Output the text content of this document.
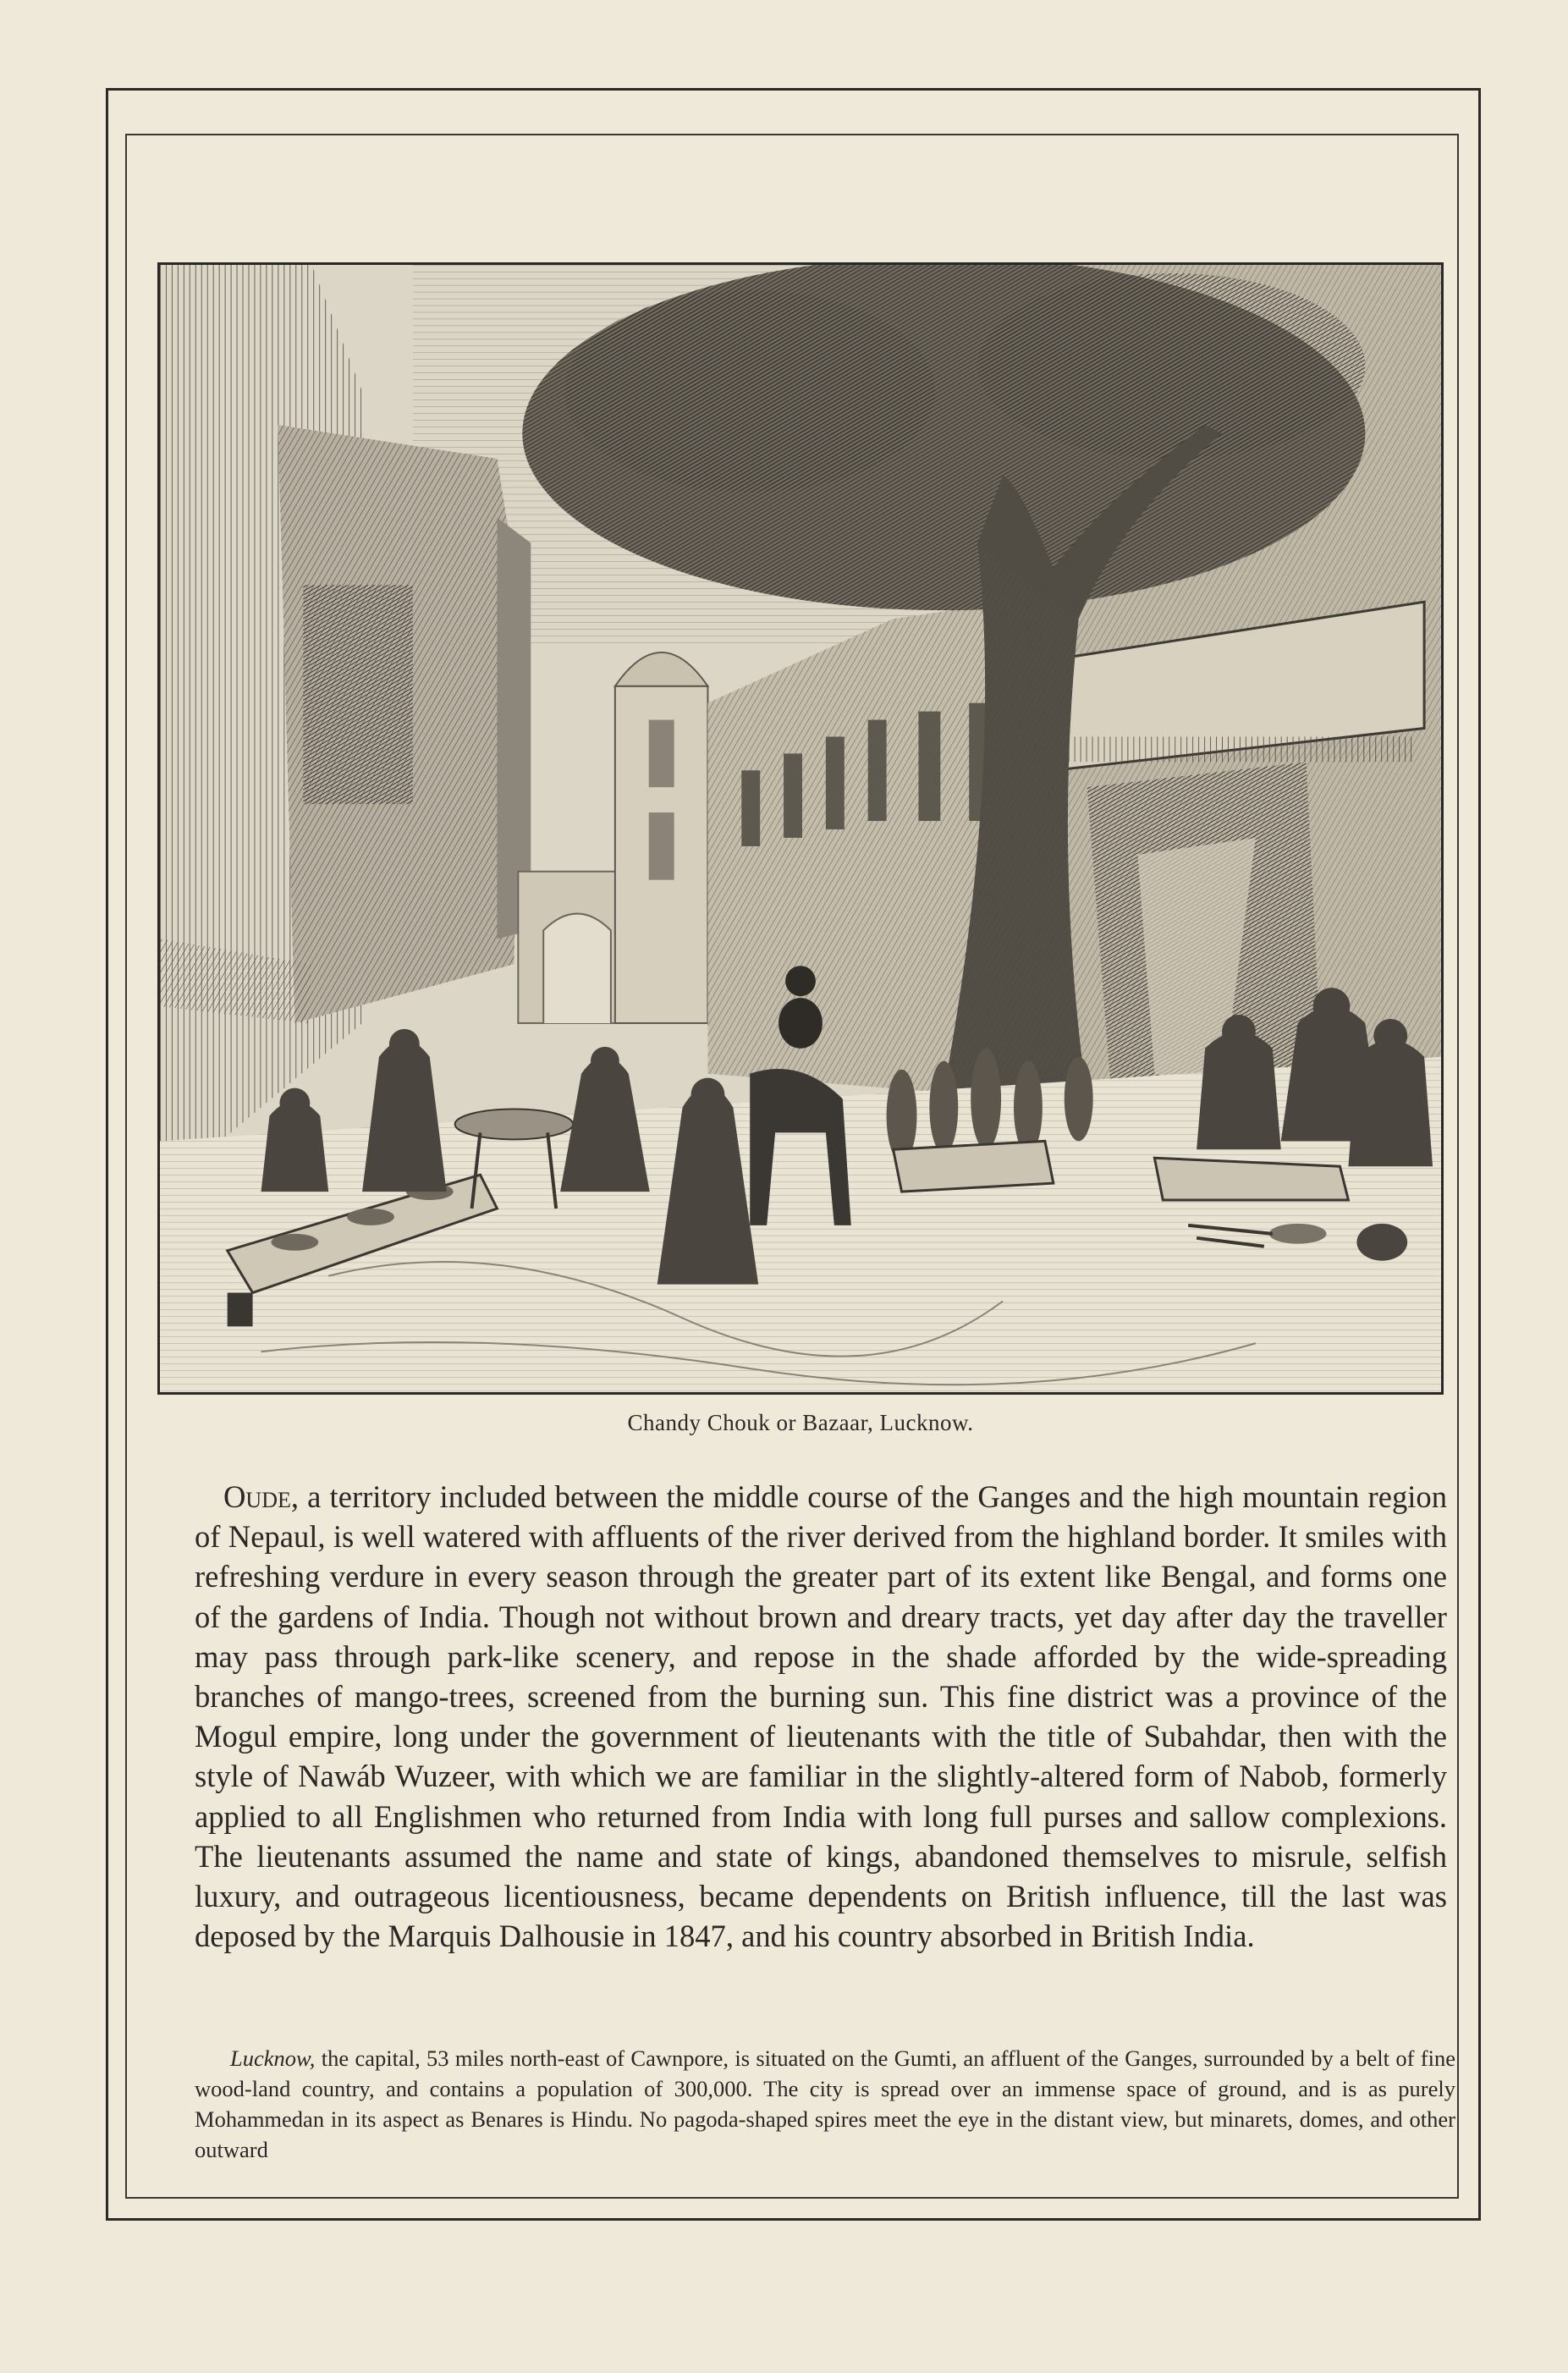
Chandy Chouk or Bazaar, Lucknow.

Oude, a territory included between the middle course of the Ganges and the high mountain region of Nepaul, is well watered with affluents of the river derived from the highland border. It smiles with refreshing verdure in every season through the greater part of its extent like Bengal, and forms one of the gardens of India. Though not without brown and dreary tracts, yet day after day the traveller may pass through park-like scenery, and repose in the shade afforded by the wide-spreading branches of mango-trees, screened from the burning sun. This fine district was a province of the Mogul empire, long under the government of lieutenants with the title of Subahdar, then with the style of Nawáb Wuzeer, with which we are familiar in the slightly-altered form of Nabob, formerly applied to all Englishmen who returned from India with long full purses and sallow complexions. The lieutenants assumed the name and state of kings, abandoned themselves to misrule, selfish luxury, and outrageous licentiousness, became dependents on British influence, till the last was deposed by the Marquis Dalhousie in 1847, and his country absorbed in British India.

Lucknow, the capital, 53 miles north-east of Cawnpore, is situated on the Gumti, an affluent of the Ganges, surrounded by a belt of fine wood-land country, and contains a population of 300,000. The city is spread over an immense space of ground, and is as purely Mohammedan in its aspect as Benares is Hindu. No pagoda-shaped spires meet the eye in the distant view, but minarets, domes, and other outward
